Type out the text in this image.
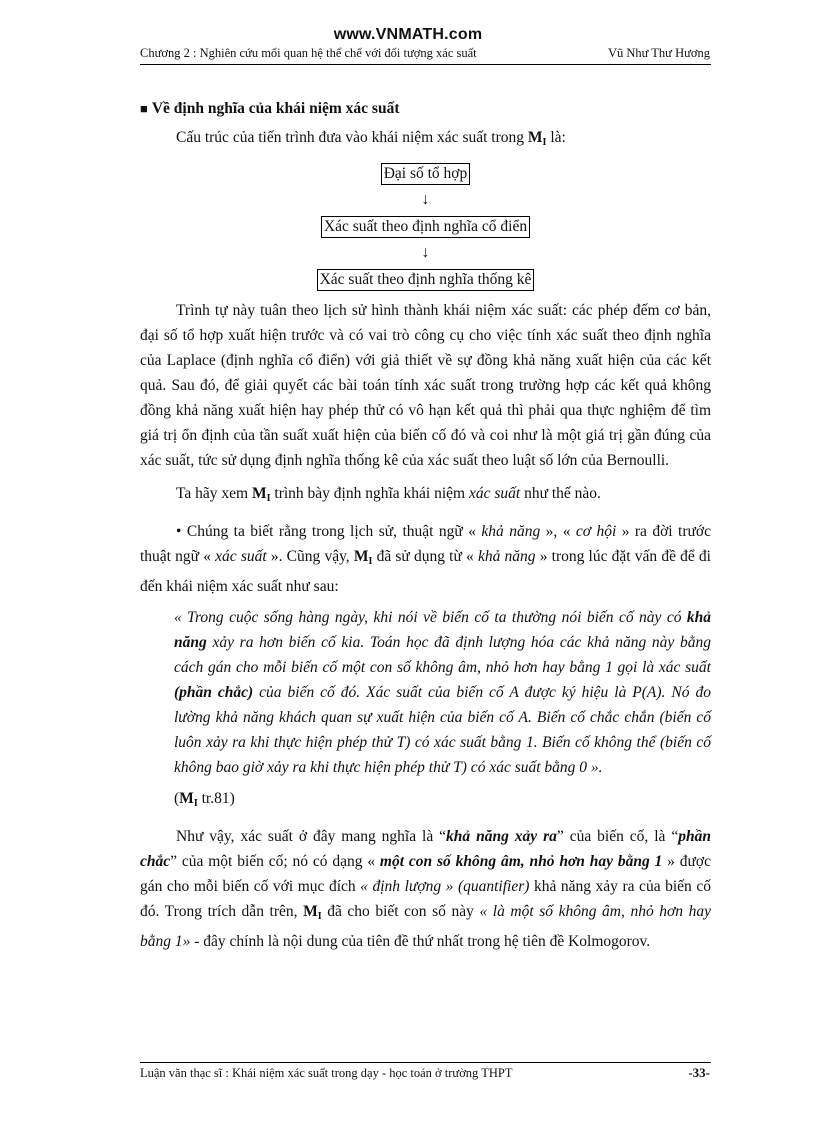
www.VNMATH.com
Chương 2 : Nghiên cứu mối quan hệ thể chế với đối tượng xác suất	Vũ Như Thư Hương

■ Về định nghĩa của khái niệm xác suất

Cấu trúc của tiến trình đưa vào khái niệm xác suất trong $M_I$ là:

Đại số tổ hợp
↓
Xác suất theo định nghĩa cổ điển
↓
Xác suất theo định nghĩa thống kê

Trình tự này tuân theo lịch sử hình thành khái niệm xác suất: các phép đếm cơ bản, đại số tổ hợp xuất hiện trước và có vai trò công cụ cho việc tính xác suất theo định nghĩa của Laplace (định nghĩa cổ điển) với giả thiết về sự đồng khả năng xuất hiện của các kết quả. Sau đó, để giải quyết các bài toán tính xác suất trong trường hợp các kết quả không đồng khả năng xuất hiện hay phép thử có vô hạn kết quả thì phải qua thực nghiệm để tìm giá trị ổn định của tần suất xuất hiện của biến cố đó và coi như là một giá trị gần đúng của xác suất, tức sử dụng định nghĩa thống kê của xác suất theo luật số lớn của Bernoulli.

Ta hãy xem $M_I$ trình bày định nghĩa khái niệm xác suất như thế nào.

• Chúng ta biết rằng trong lịch sử, thuật ngữ « khả năng », « cơ hội » ra đời trước thuật ngữ « xác suất ». Cũng vậy, $M_I$ đã sử dụng từ « khả năng » trong lúc đặt vấn đề để đi đến khái niệm xác suất như sau:

« Trong cuộc sống hàng ngày, khi nói về biến cố ta thường nói biến cố này có khả năng xảy ra hơn biến cố kia. Toán học đã định lượng hóa các khả năng này bằng cách gán cho mỗi biến cố một con số không âm, nhỏ hơn hay bằng 1 gọi là xác suất (phần chắc) của biến cố đó. Xác suất của biến cố A được ký hiệu là P(A). Nó đo lường khả năng khách quan sự xuất hiện của biến cố A. Biến cố chắc chắn (biến cố luôn xảy ra khi thực hiện phép thử T) có xác suất bằng 1. Biến cố không thể (biến cố không bao giờ xảy ra khi thực hiện phép thử T) có xác suất bằng 0 ».

($M_I$ tr.81)

Như vậy, xác suất ở đây mang nghĩa là “khả năng xảy ra” của biến cố, là “phần chắc” của một biến cố; nó có dạng « một con số không âm, nhỏ hơn hay bằng 1 » được gán cho mỗi biến cố với mục đích « định lượng » (quantifier) khả năng xảy ra của biến cố đó. Trong trích dẫn trên, $M_I$ đã cho biết con số này « là một số không âm, nhỏ hơn hay bằng 1» - đây chính là nội dung của tiên đề thứ nhất trong hệ tiên đề Kolmogorov.

Luận văn thạc sĩ : Khái niệm xác suất trong dạy - học toán ở trường THPT	-33-
